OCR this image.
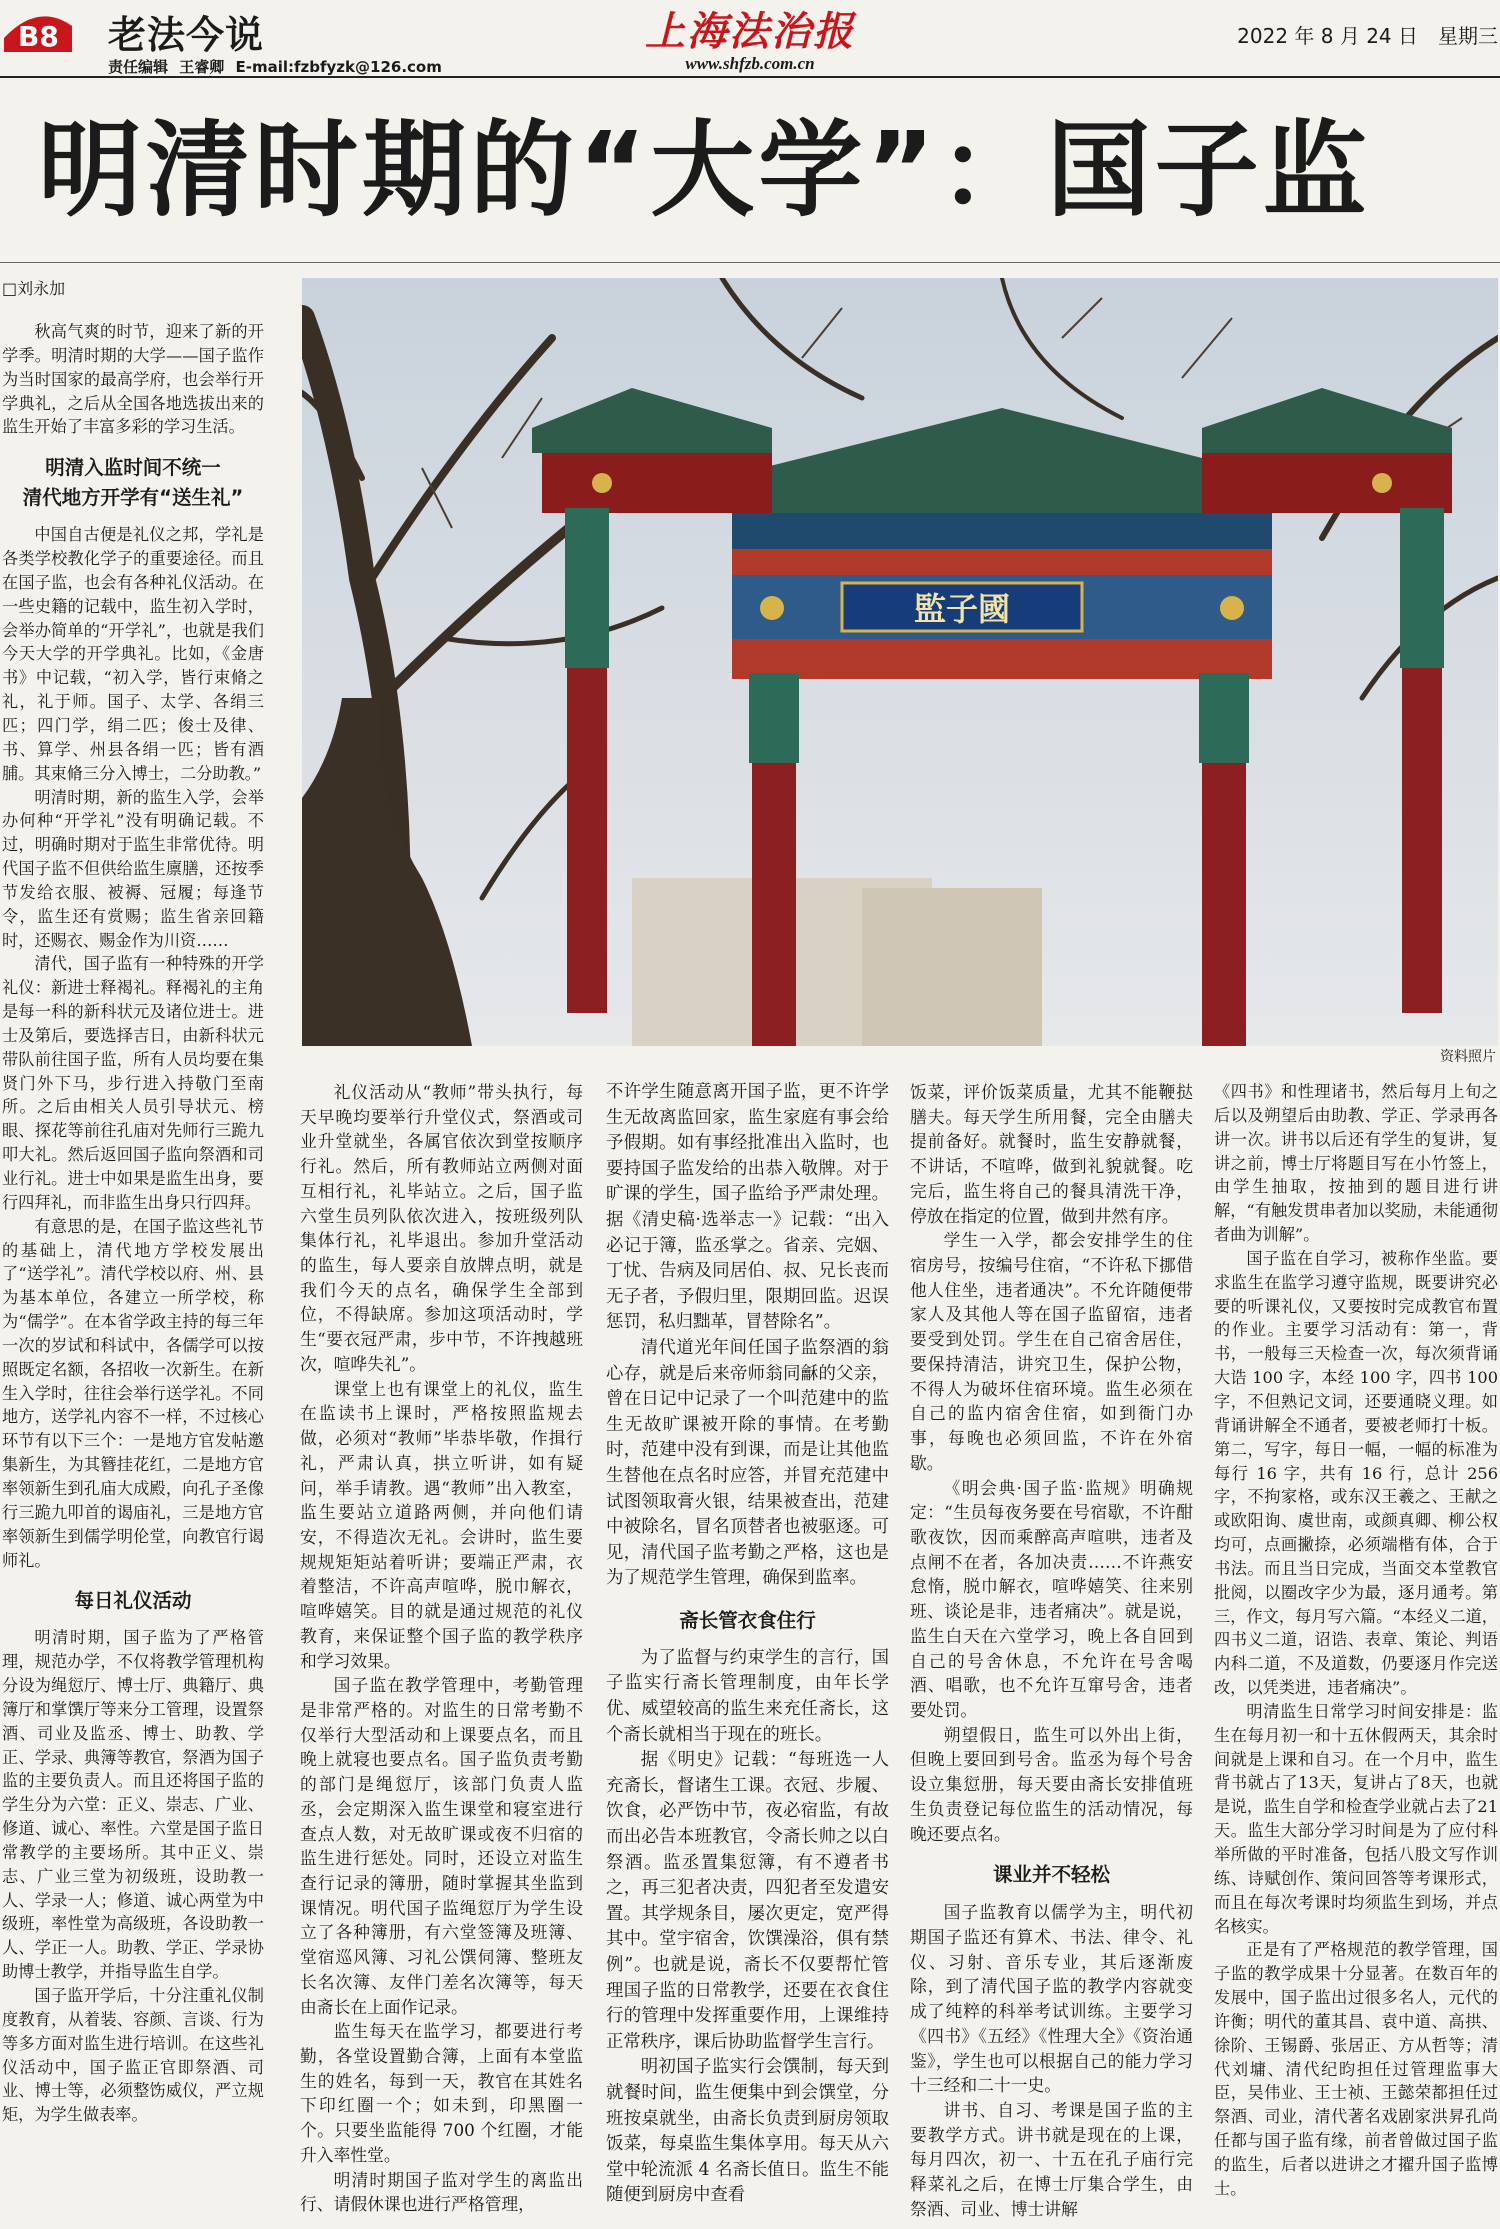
B8 老法今说
责任编辑 王睿卿 E-mail:fzbfyzk@126.com
上海法治报
www.shfzb.com.cn
2022 年 8 月 24 日　星期三
明清时期的“大学”：国子监
□刘永加
監子國
资料照片

秋高气爽的时节，迎来了新的开学季。明清时期的大学——国子监作为当时国家的最高学府，也会举行开学典礼，之后从全国各地选拔出来的监生开始了丰富多彩的学习生活。

明清入监时间不统一
清代地方开学有“送生礼”

中国自古便是礼仪之邦，学礼是各类学校教化学子的重要途径。而且在国子监，也会有各种礼仪活动。在一些史籍的记载中，监生初入学时，会举办简单的“开学礼”，也就是我们今天大学的开学典礼。比如，《金唐书》中记载，“初入学，皆行束脩之礼，礼于师。国子、太学、各绢三匹；四门学，绢二匹；俊士及律、书、算学、州县各绢一匹；皆有酒脯。其束脩三分入博士，二分助教。”

明清时期，新的监生入学，会举办何种“开学礼”没有明确记载。不过，明确时期对于监生非常优待。明代国子监不但供给监生廪膳，还按季节发给衣服、被褥、冠履；每逢节令，监生还有赏赐；监生省亲回籍时，还赐衣、赐金作为川资……

清代，国子监有一种特殊的开学礼仪：新进士释褐礼。释褐礼的主角是每一科的新科状元及诸位进士。进士及第后，要选择吉日，由新科状元带队前往国子监，所有人员均要在集贤门外下马，步行进入持敬门至南所。之后由相关人员引导状元、榜眼、探花等前往孔庙对先师行三跪九叩大礼。然后返回国子监向祭酒和司业行礼。进士中如果是监生出身，要行四拜礼，而非监生出身只行四拜。

有意思的是，在国子监这些礼节的基础上，清代地方学校发展出了“送学礼”。清代学校以府、州、县为基本单位，各建立一所学校，称为“儒学”。在本省学政主持的每三年一次的岁试和科试中，各儒学可以按照既定名额，各招收一次新生。在新生入学时，往往会举行送学礼。不同地方，送学礼内容不一样，不过核心环节有以下三个：一是地方官发帖邀集新生，为其簪挂花红，二是地方官率领新生到孔庙大成殿，向孔子圣像行三跪九叩首的谒庙礼，三是地方官率领新生到儒学明伦堂，向教官行谒师礼。

每日礼仪活动

明清时期，国子监为了严格管理，规范办学，不仅将教学管理机构分设为绳愆厅、博士厅、典籍厅、典簿厅和掌馔厅等来分工管理，设置祭酒、司业及监丞、博士、助教、学正、学录、典簿等教官，祭酒为国子监的主要负责人。而且还将国子监的学生分为六堂：正义、崇志、广业、修道、诚心、率性。六堂是国子监日常教学的主要场所。其中正义、崇志、广业三堂为初级班，设助教一人、学录一人；修道、诚心两堂为中级班，率性堂为高级班，各设助教一人、学正一人。助教、学正、学录协助博士教学，并指导监生自学。

国子监开学后，十分注重礼仪制度教育，从着装、容颜、言谈、行为等多方面对监生进行培训。在这些礼仪活动中，国子监正官即祭酒、司业、博士等，必须整饬威仪，严立规矩，为学生做表率。

礼仪活动从“教师”带头执行，每天早晚均要举行升堂仪式，祭酒或司业升堂就坐，各属官依次到堂按顺序行礼。然后，所有教师站立两侧对面互相行礼，礼毕站立。之后，国子监六堂生员列队依次进入，按班级列队集体行礼，礼毕退出。参加升堂活动的监生，每人要亲自放牌点明，就是我们今天的点名，确保学生全部到位，不得缺席。参加这项活动时，学生“要衣冠严肃，步中节，不许拽越班次，喧哗失礼”。

课堂上也有课堂上的礼仪，监生在监读书上课时，严格按照监规去做，必须对“教师”毕恭毕敬，作揖行礼，严肃认真，拱立听讲，如有疑问，举手请教。遇“教师”出入教室，监生要站立道路两侧，并向他们请安，不得造次无礼。会讲时，监生要规规矩矩站着听讲；要端正严肃，衣着整洁，不许高声喧哗，脱巾解衣，喧哗嬉笑。目的就是通过规范的礼仪教育，来保证整个国子监的教学秩序和学习效果。

国子监在教学管理中，考勤管理是非常严格的。对监生的日常考勤不仅举行大型活动和上课要点名，而且晚上就寝也要点名。国子监负责考勤的部门是绳愆厅，该部门负责人监丞，会定期深入监生课堂和寝室进行查点人数，对无故旷课或夜不归宿的监生进行惩处。同时，还设立对监生查行记录的簿册，随时掌握其坐监到课情况。明代国子监绳愆厅为学生设立了各种簿册，有六堂签簿及班簿、堂宿巡风簿、习礼公馔伺簿、整班友长名次簿、友伴门差名次簿等，每天由斋长在上面作记录。

监生每天在监学习，都要进行考勤，各堂设置勤合簿，上面有本堂监生的姓名，每到一天，教官在其姓名下印红圈一个；如未到，印黑圈一个。只要坐监能得 700 个红圈，才能升入率性堂。

明清时期国子监对学生的离监出行、请假休课也进行严格管理，

不许学生随意离开国子监，更不许学生无故离监回家，监生家庭有事会给予假期。如有事经批准出入监时，也要持国子监发给的出恭入敬牌。对于旷课的学生，国子监给予严肃处理。据《清史稿·选举志一》记载：“出入必记于簿，监丞掌之。省亲、完姻、丁忧、告病及同居伯、叔、兄长丧而无子者，予假归里，限期回监。迟误惩罚，私归黜革，冒替除名”。

清代道光年间任国子监祭酒的翁心存，就是后来帝师翁同龢的父亲，曾在日记中记录了一个叫范建中的监生无故旷课被开除的事情。在考勤时，范建中没有到课，而是让其他监生替他在点名时应答，并冒充范建中试图领取膏火银，结果被查出，范建中被除名，冒名顶替者也被驱逐。可见，清代国子监考勤之严格，这也是为了规范学生管理，确保到监率。

斋长管衣食住行

为了监督与约束学生的言行，国子监实行斋长管理制度，由年长学优、威望较高的监生来充任斋长，这个斋长就相当于现在的班长。

据《明史》记载：“每班选一人充斋长，督诸生工课。衣冠、步履、饮食，必严饬中节，夜必宿监，有故而出必告本班教官，令斋长帅之以白祭酒。监丞置集愆簿，有不遵者书之，再三犯者决责，四犯者至发遣安置。其学规条目，屡次更定，宽严得其中。堂宇宿舍，饮馔澡浴，俱有禁例”。也就是说，斋长不仅要帮忙管理国子监的日常教学，还要在衣食住行的管理中发挥重要作用，上课维持正常秩序，课后协助监督学生言行。

明初国子监实行会馔制，每天到就餐时间，监生便集中到会馔堂，分班按桌就坐，由斋长负责到厨房领取饭菜，每桌监生集体享用。每天从六堂中轮流派 4 名斋长值日。监生不能随便到厨房中查看

饭菜，评价饭菜质量，尤其不能鞭挞膳夫。每天学生所用餐，完全由膳夫提前备好。就餐时，监生安静就餐，不讲话，不喧哗，做到礼貌就餐。吃完后，监生将自己的餐具清洗干净，停放在指定的位置，做到井然有序。

学生一入学，都会安排学生的住宿房号，按编号住宿，“不许私下挪借他人住坐，违者通决”。不允许随便带家人及其他人等在国子监留宿，违者要受到处罚。学生在自己宿舍居住，要保持清洁，讲究卫生，保护公物，不得人为破坏住宿环境。监生必须在自己的监内宿舍住宿，如到衙门办事，每晚也必须回监，不许在外宿歇。

《明会典·国子监·监规》明确规定：“生员每夜务要在号宿歇，不许酣歌夜饮，因而乘醉高声喧哄，违者及点闸不在者，各加决责……不许燕安怠惰，脱巾解衣，喧哗嬉笑、往来别班、谈论是非，违者痛决”。就是说，监生白天在六堂学习，晚上各自回到自己的号舍休息，不允许在号舍喝酒、唱歌，也不允许互窜号舍，违者要处罚。

朔望假日，监生可以外出上街，但晚上要回到号舍。监丞为每个号舍设立集愆册，每天要由斋长安排值班生负责登记每位监生的活动情况，每晚还要点名。

课业并不轻松

国子监教育以儒学为主，明代初期国子监还有算术、书法、律令、礼仪、习射、音乐专业，其后逐渐废除，到了清代国子监的教学内容就变成了纯粹的科举考试训练。主要学习《四书》《五经》《性理大全》《资治通鉴》，学生也可以根据自己的能力学习十三经和二十一史。

讲书、自习、考课是国子监的主要教学方式。讲书就是现在的上课，每月四次，初一、十五在孔子庙行完释菜礼之后，在博士厅集合学生，由祭酒、司业、博士讲解

《四书》和性理诸书，然后每月上旬之后以及朔望后由助教、学正、学录再各讲一次。讲书以后还有学生的复讲，复讲之前，博士厅将题目写在小竹签上，由学生抽取，按抽到的题目进行讲解，“有触发贯串者加以奖励，未能通彻者曲为训解”。

国子监在自学习，被称作坐监。要求监生在监学习遵守监规，既要讲究必要的听课礼仪，又要按时完成教官布置的作业。主要学习活动有：第一，背书，一般每三天检查一次，每次须背诵大诰 100 字，本经 100 字，四书 100 字，不但熟记文词，还要通晓义理。如背诵讲解全不通者，要被老师打十板。第二，写字，每日一幅，一幅的标准为每行 16 字，共有 16 行，总计 256 字，不拘家格，或东汉王羲之、王献之或欧阳询、虞世南，或颜真卿、柳公权均可，点画撇捺，必须端楷有体，合于书法。而且当日完成，当面交本堂教官批阅，以圈改字少为最，逐月通考。第三，作文，每月写六篇。“本经义二道，四书义二道，诏诰、表章、策论、判语内科二道，不及道数，仍要逐月作完送改，以凭类进，违者痛决”。

明清监生日常学习时间安排是：监生在每月初一和十五休假两天，其余时间就是上课和自习。在一个月中，监生背书就占了13天，复讲占了8天，也就是说，监生自学和检查学业就占去了21天。监生大部分学习时间是为了应付科举所做的平时准备，包括八股文写作训练、诗赋创作、策问回答等考课形式，而且在每次考课时均须监生到场，并点名核实。

正是有了严格规范的教学管理，国子监的教学成果十分显著。在数百年的发展中，国子监出过很多名人，元代的许衡；明代的董其昌、袁中道、高拱、徐阶、王锡爵、张居正、方从哲等；清代刘墉、清代纪昀担任过管理监事大臣，吴伟业、王士祯、王懿荣都担任过祭酒、司业，清代著名戏剧家洪昇孔尚任都与国子监有缘，前者曾做过国子监的监生，后者以进讲之才擢升国子监博士。
